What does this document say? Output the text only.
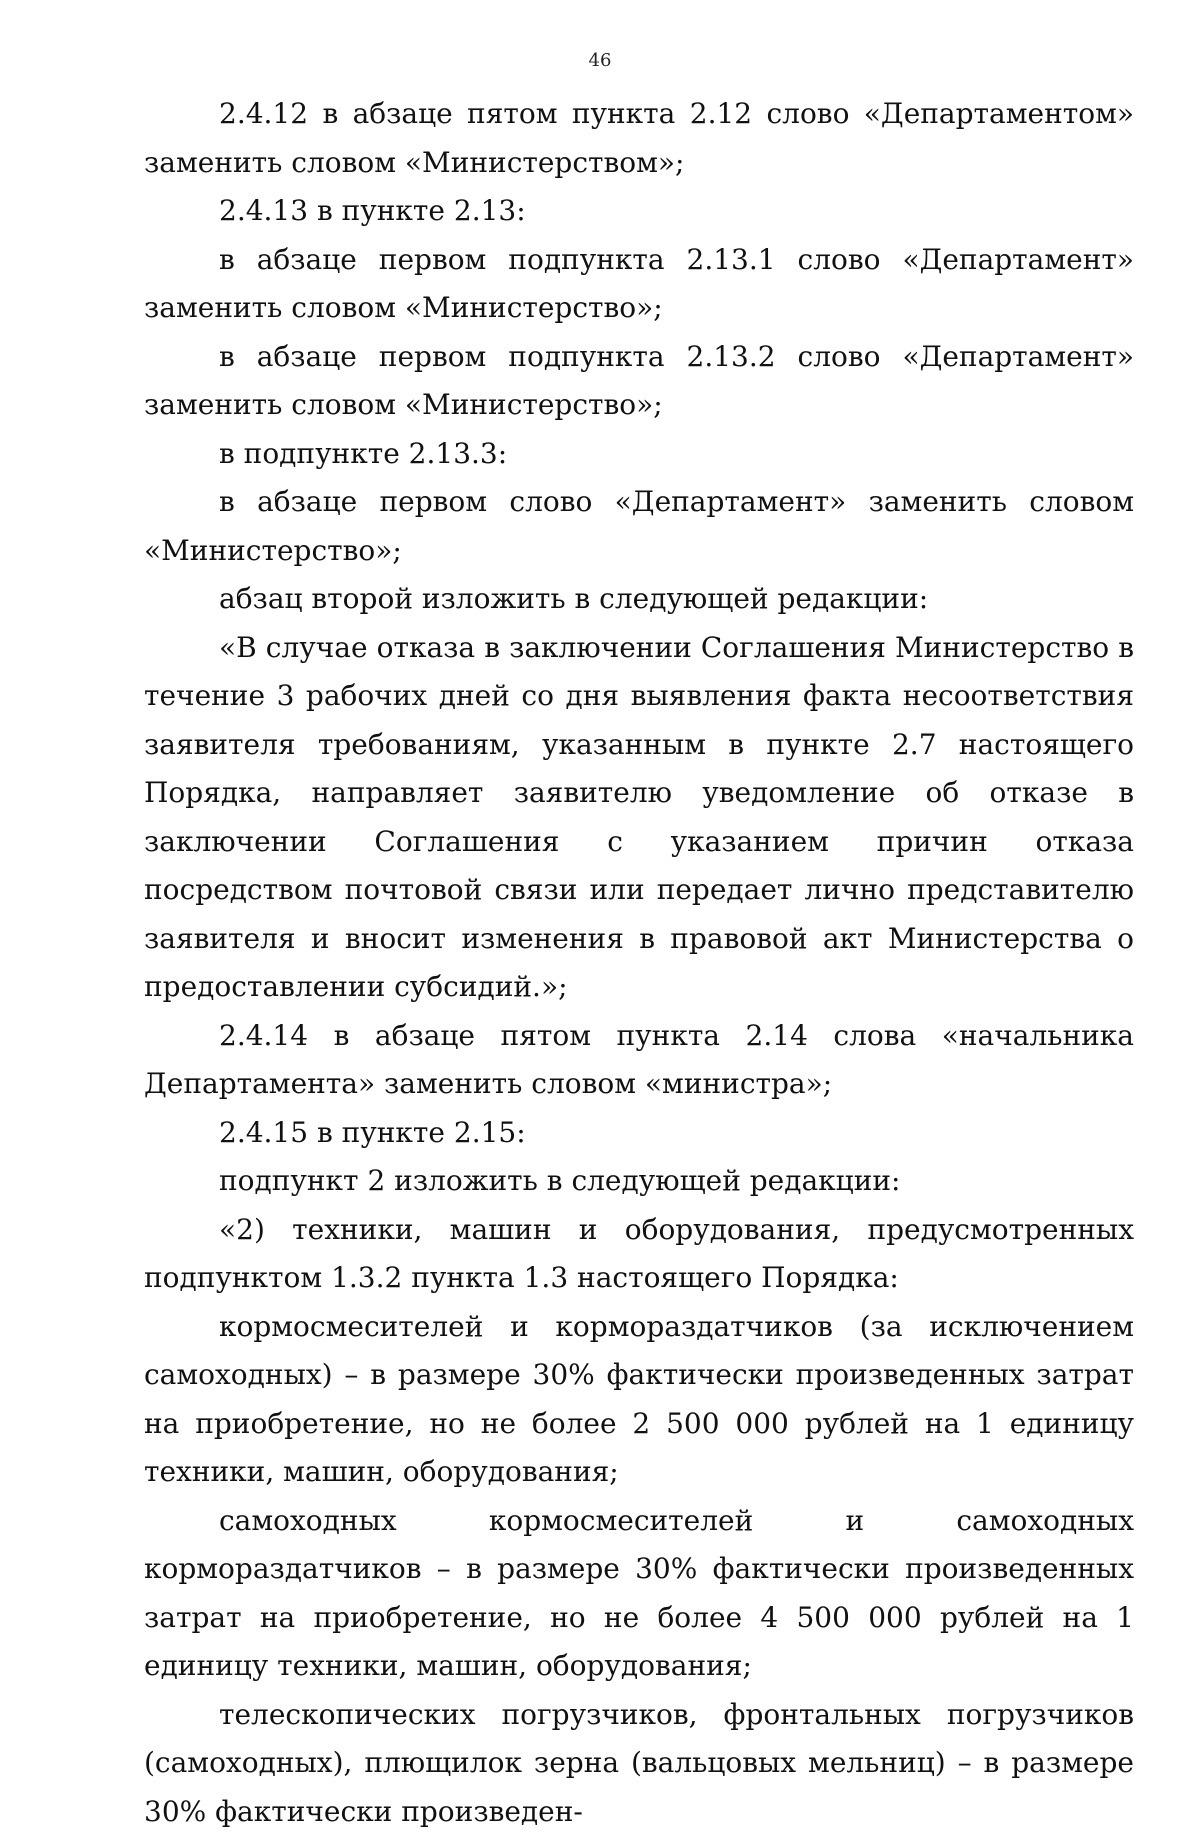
46

2.4.12 в абзаце пятом пункта 2.12 слово «Департаментом» заменить словом «Министерством»;

2.4.13 в пункте 2.13:

в абзаце первом подпункта 2.13.1 слово «Департамент» заменить словом «Министерство»;

в абзаце первом подпункта 2.13.2 слово «Департамент» заменить словом «Министерство»;

в подпункте 2.13.3:

в абзаце первом слово «Департамент» заменить словом «Министерство»;

абзац второй изложить в следующей редакции:

«В случае отказа в заключении Соглашения Министерство в течение 3 рабочих дней со дня выявления факта несоответствия заявителя требованиям, указанным в пункте 2.7 настоящего Порядка, направляет заявителю уведомление об отказе в заключении Соглашения с указанием причин отказа посредством почтовой связи или передает лично представителю заявителя и вносит изменения в правовой акт Министерства о предоставлении субсидий.»;

2.4.14 в абзаце пятом пункта 2.14 слова «начальника Департамента» заменить словом «министра»;

2.4.15 в пункте 2.15:

подпункт 2 изложить в следующей редакции:

«2) техники, машин и оборудования, предусмотренных подпунктом 1.3.2 пункта 1.3 настоящего Порядка:

кормосмесителей и кормораздатчиков (за исключением самоходных) – в размере 30% фактически произведенных затрат на приобретение, но не более 2 500 000 рублей на 1 единицу техники, машин, оборудования;

самоходных кормосмесителей и самоходных кормораздатчиков – в размере 30% фактически произведенных затрат на приобретение, но не более 4 500 000 рублей на 1 единицу техники, машин, оборудования;

телескопических погрузчиков, фронтальных погрузчиков (самоходных), плющилок зерна (вальцовых мельниц) – в размере 30% фактически произведен-
